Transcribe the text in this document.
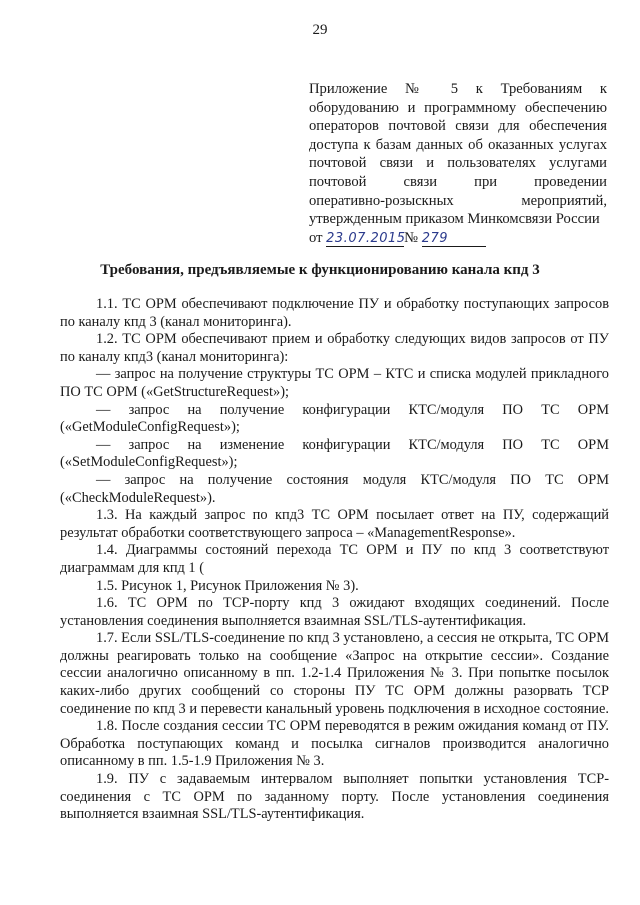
29
Приложение № 5 к Требованиям к
оборудованию и программному обеспечению
операторов почтовой связи для обеспечения
доступа к базам данных об оказанных услугах
почтовой связи и пользователях услугами
почтовой связи при проведении
оперативно-розыскных мероприятий,
утвержденным приказом Минкомсвязи России
от 23.07.2015№ 279
Требования, предъявляемые к функционированию канала кпд 3

1.1. ТС ОРМ обеспечивают подключение ПУ и обработку поступающих запросов по каналу кпд 3 (канал мониторинга).

1.2. ТС ОРМ обеспечивают прием и обработку следующих видов запросов от ПУ по каналу кпд3 (канал мониторинга):

— запрос на получение структуры ТС ОРМ – КТС и списка модулей прикладного ПО ТС ОРМ («GetStructureRequest»);

— запрос на получение конфигурации КТС/модуля ПО ТС ОРМ («GetModuleConfigRequest»);

— запрос на изменение конфигурации КТС/модуля ПО ТС ОРМ («SetModuleConfigRequest»);

— запрос на получение состояния модуля КТС/модуля ПО ТС ОРМ («CheckModuleRequest»).

1.3. На каждый запрос по кпд3 ТС ОРМ посылает ответ на ПУ, содержащий результат обработки соответствующего запроса – «ManagementResponse».

1.4. Диаграммы состояний перехода ТС ОРМ и ПУ по кпд 3 соответствуют диаграммам для кпд 1 (

1.5. Рисунок 1, Рисунок Приложения № 3).

1.6. ТС ОРМ по TCP-порту кпд 3 ожидают входящих соединений. После установления соединения выполняется взаимная SSL/TLS-аутентификация.

1.7. Если SSL/TLS-соединение по кпд 3 установлено, а сессия не открыта, ТС ОРМ должны реагировать только на сообщение «Запрос на открытие сессии». Создание сессии аналогично описанному в пп. 1.2-1.4 Приложения № 3. При попытке посылок каких-либо других сообщений со стороны ПУ ТС ОРМ должны разорвать TCP соединение по кпд 3 и перевести канальный уровень подключения в исходное состояние.

1.8. После создания сессии ТС ОРМ переводятся в режим ожидания команд от ПУ. Обработка поступающих команд и посылка сигналов производится аналогично описанному в пп. 1.5-1.9 Приложения № 3.

1.9. ПУ с задаваемым интервалом выполняет попытки установления TCP-соединения с ТС ОРМ по заданному порту. После установления соединения выполняется взаимная SSL/TLS-аутентификация.
